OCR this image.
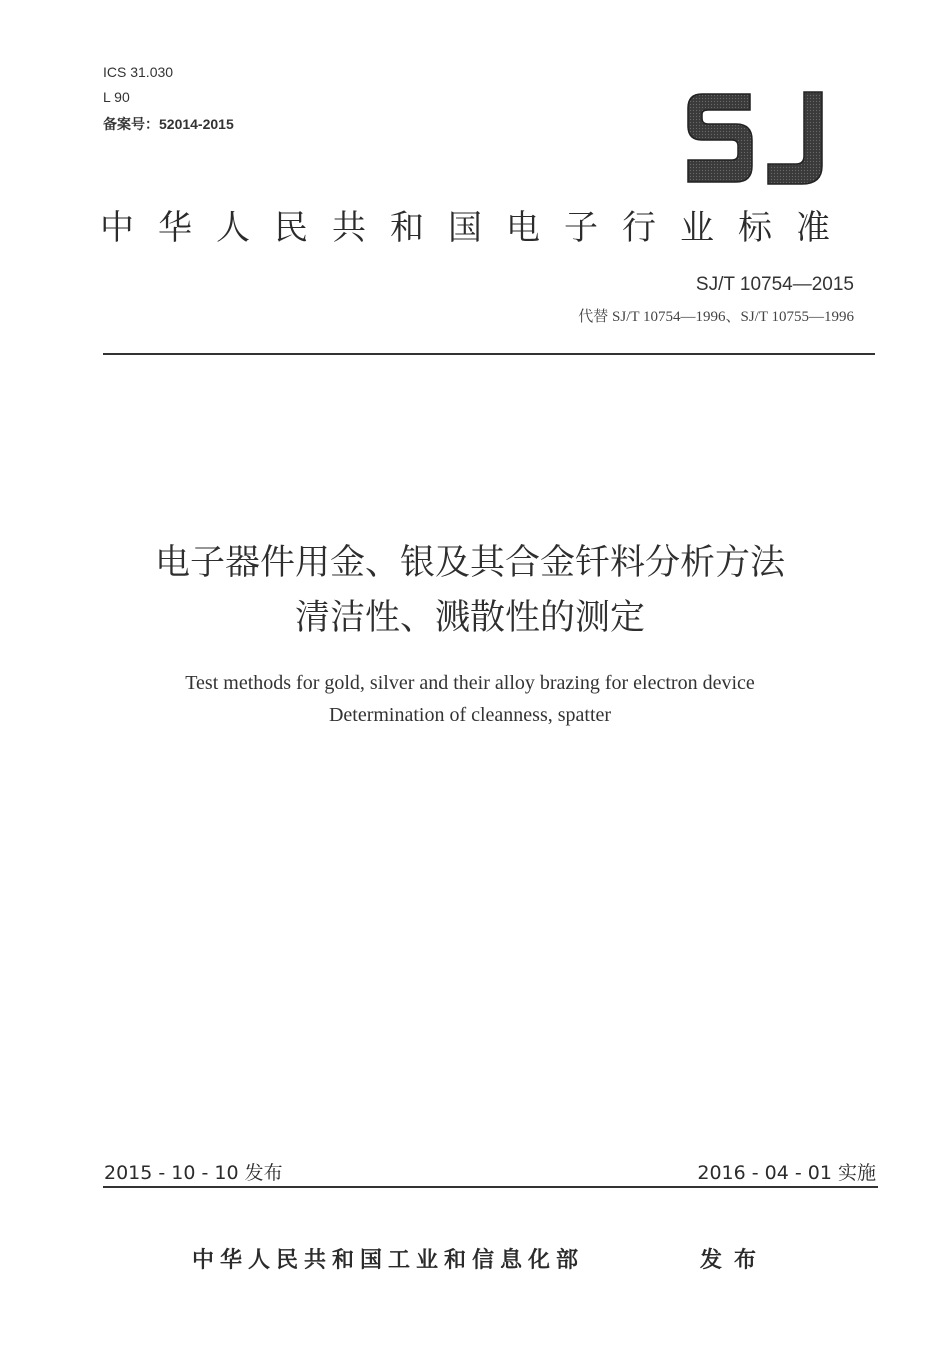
ICS 31.030
L 90
备案号：52014-2015
中华人民共和国电子行业标准
SJ/T 10754—2015
代替 SJ/T 10754—1996、SJ/T 10755—1996
电子器件用金、银及其合金钎料分析方法
清洁性、溅散性的测定
Test methods for gold, silver and their alloy brazing for electron device
Determination of cleanness, spatter
2015 - 10 - 10 发布	2016 - 04 - 01 实施
中华人民共和国工业和信息化部	发布
